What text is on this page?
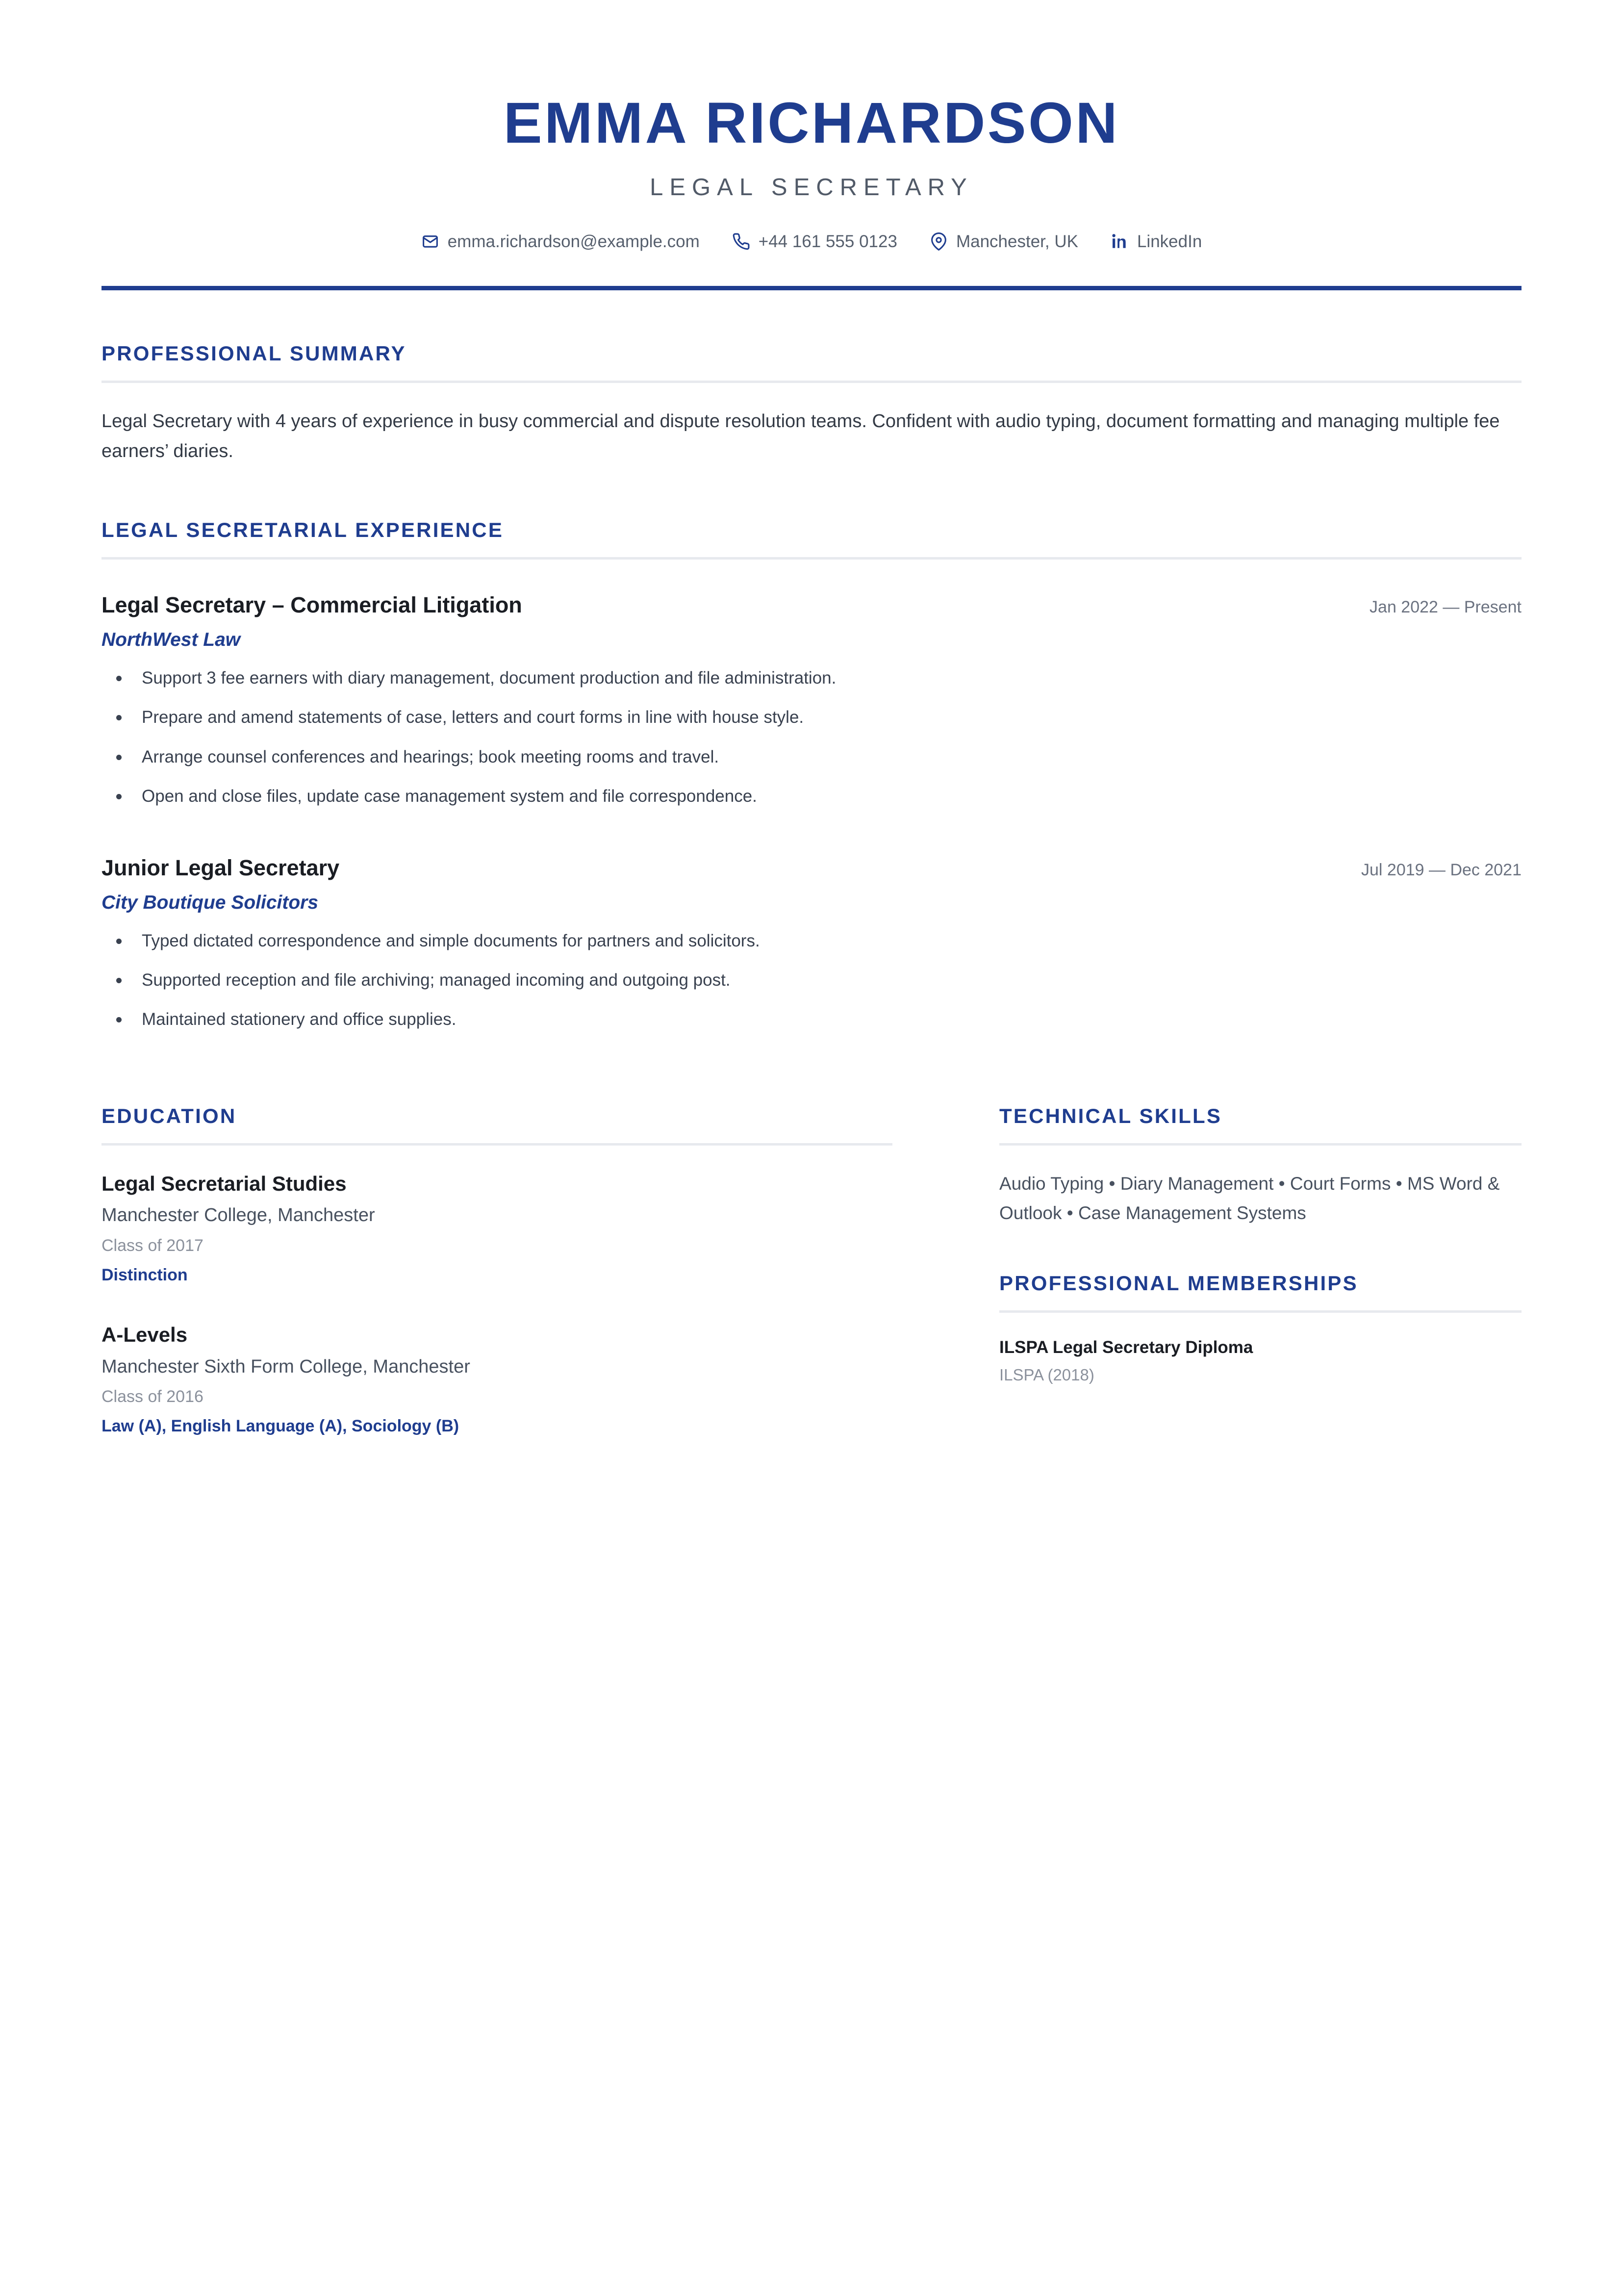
EMMA RICHARDSON
LEGAL SECRETARY
emma.richardson@example.com	+44 161 555 0123	Manchester, UK	LinkedIn
PROFESSIONAL SUMMARY
Legal Secretary with 4 years of experience in busy commercial and dispute resolution teams. Confident with audio typing, document formatting and managing multiple fee earners’ diaries.
LEGAL SECRETARIAL EXPERIENCE
Legal Secretary – Commercial Litigation	Jan 2022 — Present
NorthWest Law
Support 3 fee earners with diary management, document production and file administration.
Prepare and amend statements of case, letters and court forms in line with house style.
Arrange counsel conferences and hearings; book meeting rooms and travel.
Open and close files, update case management system and file correspondence.
Junior Legal Secretary	Jul 2019 — Dec 2021
City Boutique Solicitors
Typed dictated correspondence and simple documents for partners and solicitors.
Supported reception and file archiving; managed incoming and outgoing post.
Maintained stationery and office supplies.
EDUCATION
Legal Secretarial Studies
Manchester College, Manchester
Class of 2017
Distinction
A-Levels
Manchester Sixth Form College, Manchester
Class of 2016
Law (A), English Language (A), Sociology (B)
TECHNICAL SKILLS
Audio Typing • Diary Management • Court Forms • MS Word & Outlook • Case Management Systems
PROFESSIONAL MEMBERSHIPS
ILSPA Legal Secretary Diploma
ILSPA (2018)
